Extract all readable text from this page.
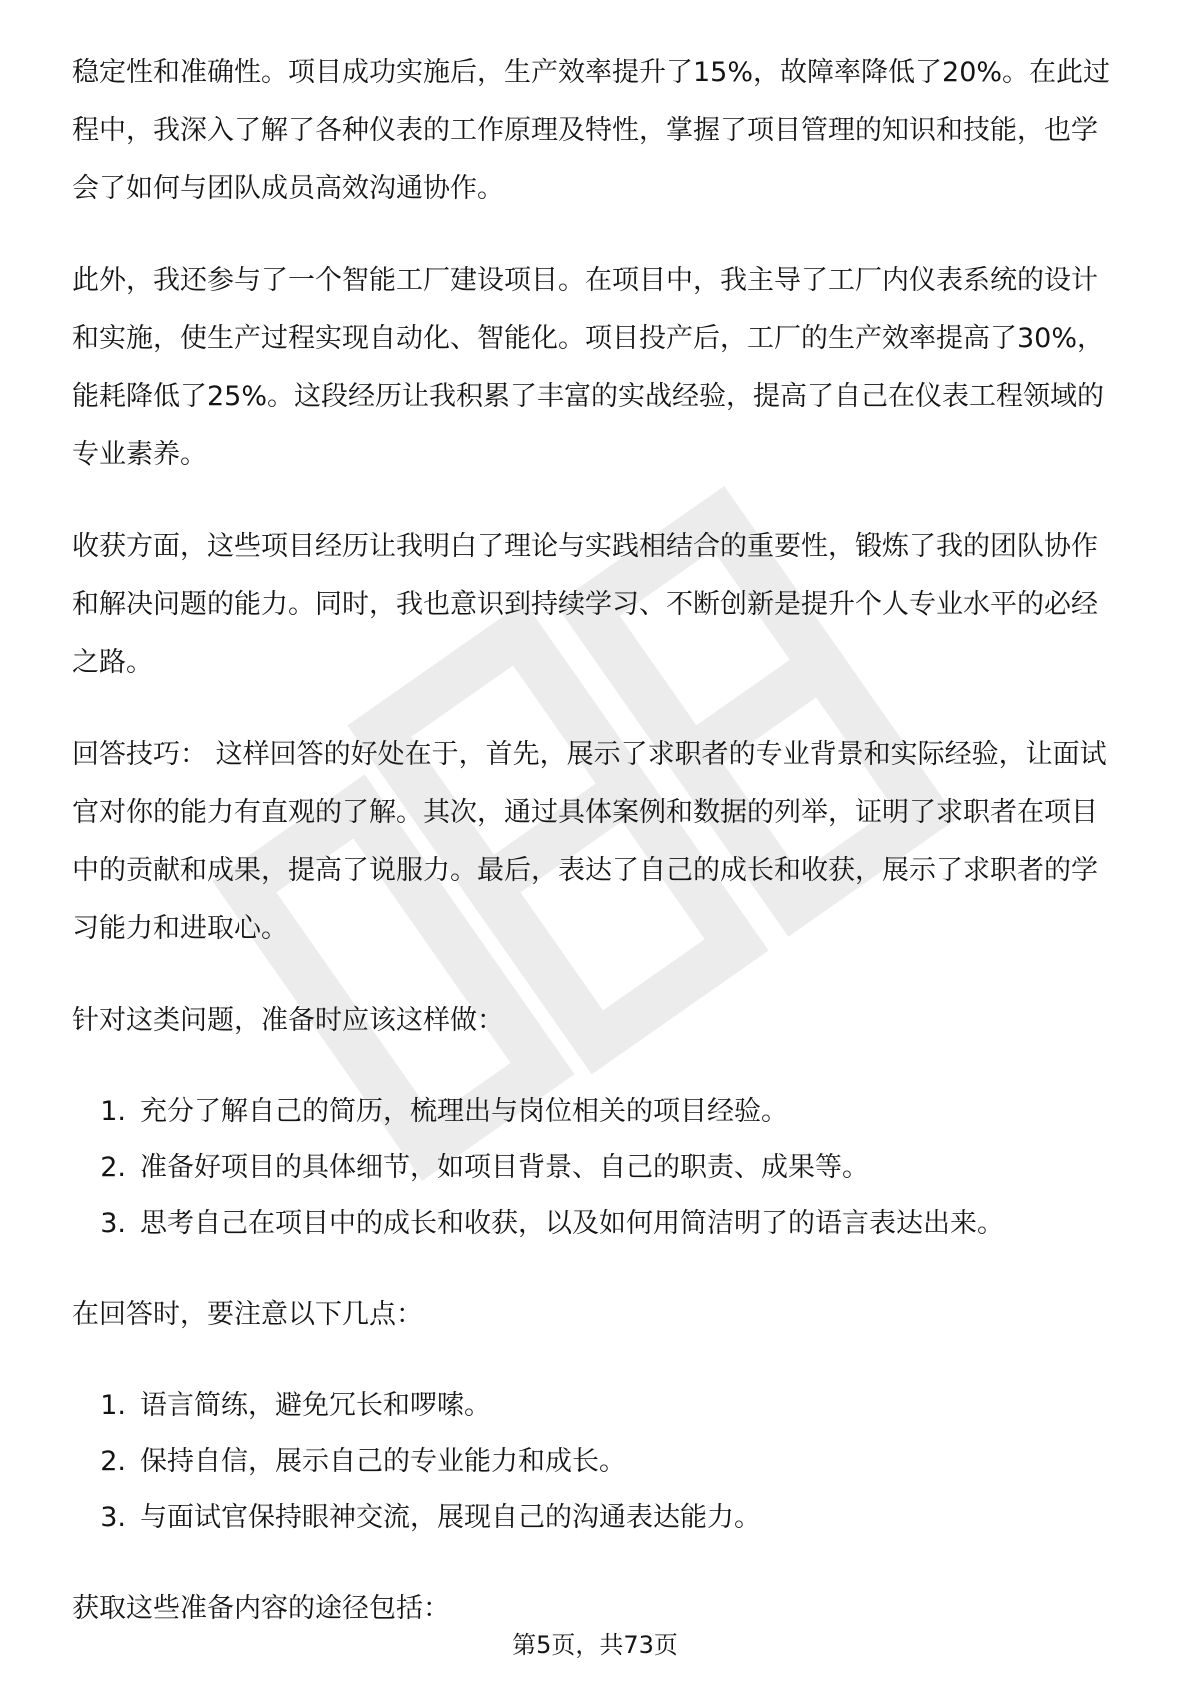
稳定性和准确性。项目成功实施后，生产效率提升了15%，故障率降低了20%。在此过程中，我深入了解了各种仪表的工作原理及特性，掌握了项目管理的知识和技能，也学会了如何与团队成员高效沟通协作。

此外，我还参与了一个智能工厂建设项目。在项目中，我主导了工厂内仪表系统的设计和实施，使生产过程实现自动化、智能化。项目投产后，工厂的生产效率提高了30%，能耗降低了25%。这段经历让我积累了丰富的实战经验，提高了自己在仪表工程领域的专业素养。

收获方面，这些项目经历让我明白了理论与实践相结合的重要性，锻炼了我的团队协作和解决问题的能力。同时，我也意识到持续学习、不断创新是提升个人专业水平的必经之路。

回答技巧： 这样回答的好处在于，首先，展示了求职者的专业背景和实际经验，让面试官对你的能力有直观的了解。其次，通过具体案例和数据的列举，证明了求职者在项目中的贡献和成果，提高了说服力。最后，表达了自己的成长和收获，展示了求职者的学习能力和进取心。

针对这类问题，准备时应该这样做：

1. 充分了解自己的简历，梳理出与岗位相关的项目经验。
2. 准备好项目的具体细节，如项目背景、自己的职责、成果等。
3. 思考自己在项目中的成长和收获，以及如何用简洁明了的语言表达出来。

在回答时，要注意以下几点：

1. 语言简练，避免冗长和啰嗦。
2. 保持自信，展示自己的专业能力和成长。
3. 与面试官保持眼神交流，展现自己的沟通表达能力。

获取这些准备内容的途径包括：

第5页，共73页
